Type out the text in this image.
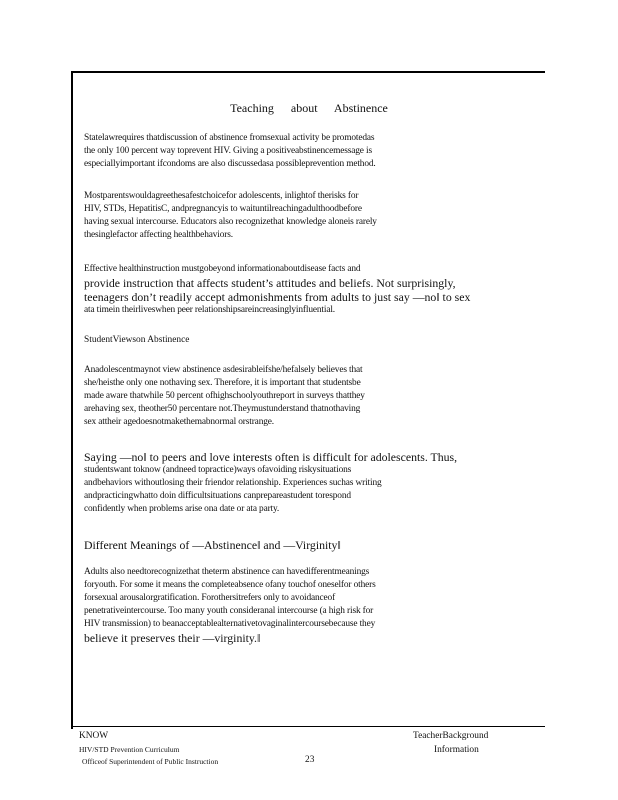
Teaching about Abstinence
Statelawrequires thatdiscussion of abstinence fromsexual activity be promotedas
the only 100 percent way toprevent HIV. Giving a positiveabstinencemessage is
especiallyimportant ifcondoms are also discussedasa possibleprevention method.
Mostparentswouldagreethesafestchoicefor adolescents, inlightof therisks for
HIV, STDs, HepatitisC, andpregnancyis to waituntilreachingadulthoodbefore
having sexual intercourse. Educators also recognizethat knowledge aloneis rarely
thesinglefactor affecting healthbehaviors.
Effective healthinstruction mustgobeyond informationaboutdisease facts and
provide instruction that affects student’s attitudes and beliefs. Not surprisingly,
teenagers don’t readily accept admonishments from adults to just say ―no‖ to sex
ata timein theirliveswhen peer relationshipsareincreasinglyinfluential.
StudentViewson Abstinence
Anadolescentmaynot view abstinence asdesirableifshe/hefalsely believes that
she/heisthe only one nothaving sex. Therefore, it is important that studentsbe
made aware thatwhile 50 percent ofhighschoolyouthreport in surveys thatthey
arehaving sex, theother50 percentare not.Theymustunderstand thatnothaving
sex attheir agedoesnotmakethemabnormal orstrange.
Saying ―no‖ to peers and love interests often is difficult for adolescents. Thus,
studentswant toknow (andneed topractice)ways ofavoiding riskysituations
andbehaviors withoutlosing their friendor relationship. Experiences suchas writing
andpracticingwhatto doin difficultsituations canprepareastudent torespond
confidently when problems arise ona date or ata party.
Different Meanings of ―Abstinence‖ and ―Virginity‖
Adults also needtorecognizethat theterm abstinence can havedifferentmeanings
foryouth. For some it means the completeabsence ofany touchof oneselfor others
forsexual arousalorgratification. Forothersitrefers only to avoidanceof
penetrativeintercourse. Too many youth consideranal intercourse (a high risk for
HIV transmission) to beanacceptablealternativetovaginalintercoursebecause they
believe it preserves their ―virginity.‖
KNOW
HIV/STD Prevention Curriculum
Officeof Superintendent of Public Instruction	23
TeacherBackground
Information
